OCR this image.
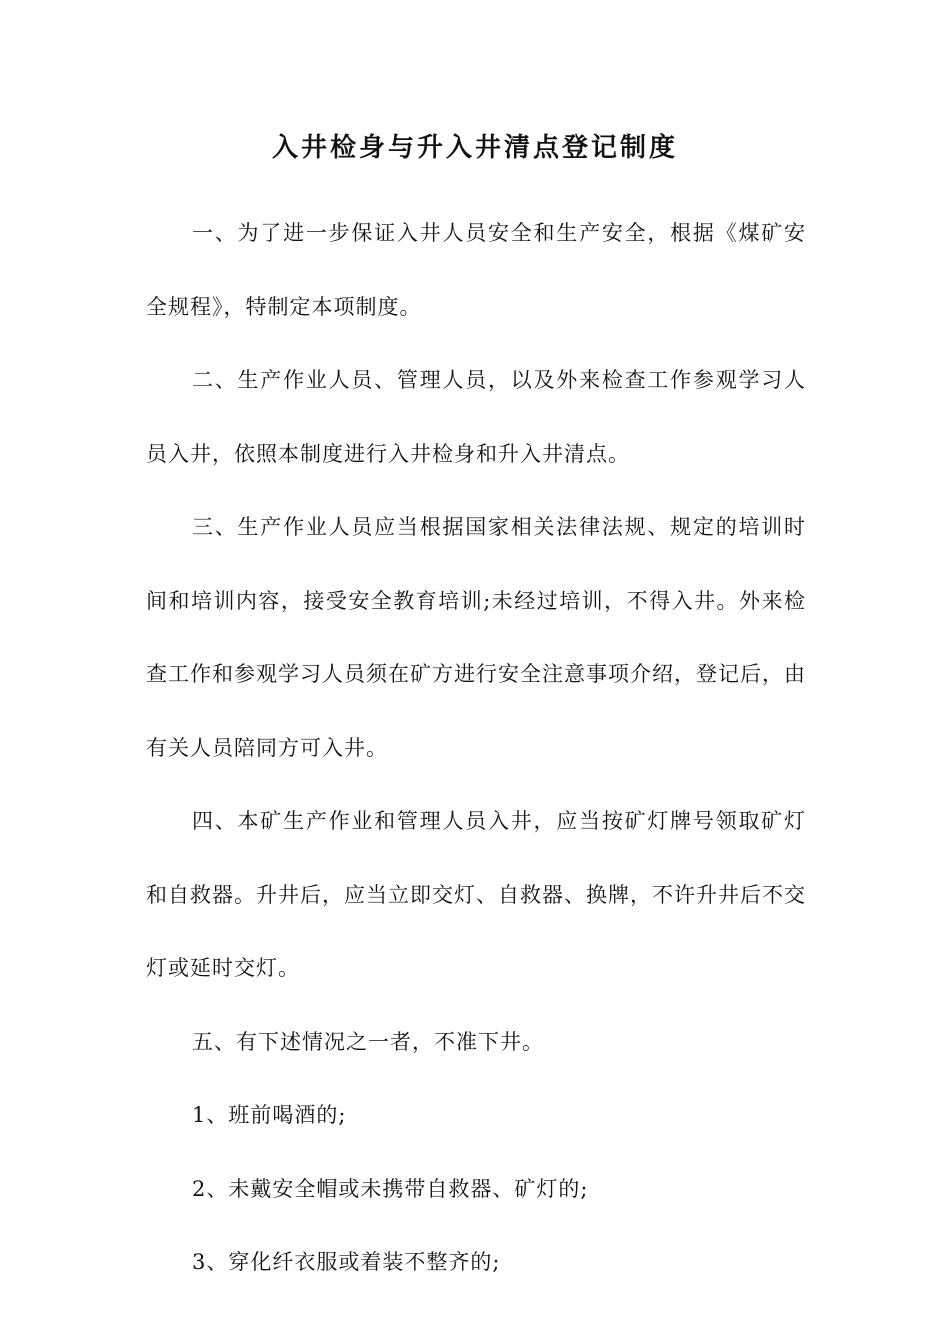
入井检身与升入井清点登记制度

一、为了进一步保证入井人员安全和生产安全，根据《煤矿安全规程》，特制定本项制度。

二、生产作业人员、管理人员，以及外来检查工作参观学习人员入井，依照本制度进行入井检身和升入井清点。

三、生产作业人员应当根据国家相关法律法规、规定的培训时间和培训内容，接受安全教育培训;未经过培训，不得入井。外来检查工作和参观学习人员须在矿方进行安全注意事项介绍，登记后，由有关人员陪同方可入井。

四、本矿生产作业和管理人员入井，应当按矿灯牌号领取矿灯和自救器。升井后，应当立即交灯、自救器、换牌，不许升井后不交灯或延时交灯。

五、有下述情况之一者，不准下井。

1、班前喝酒的;

2、未戴安全帽或未携带自救器、矿灯的;

3、穿化纤衣服或着装不整齐的;
